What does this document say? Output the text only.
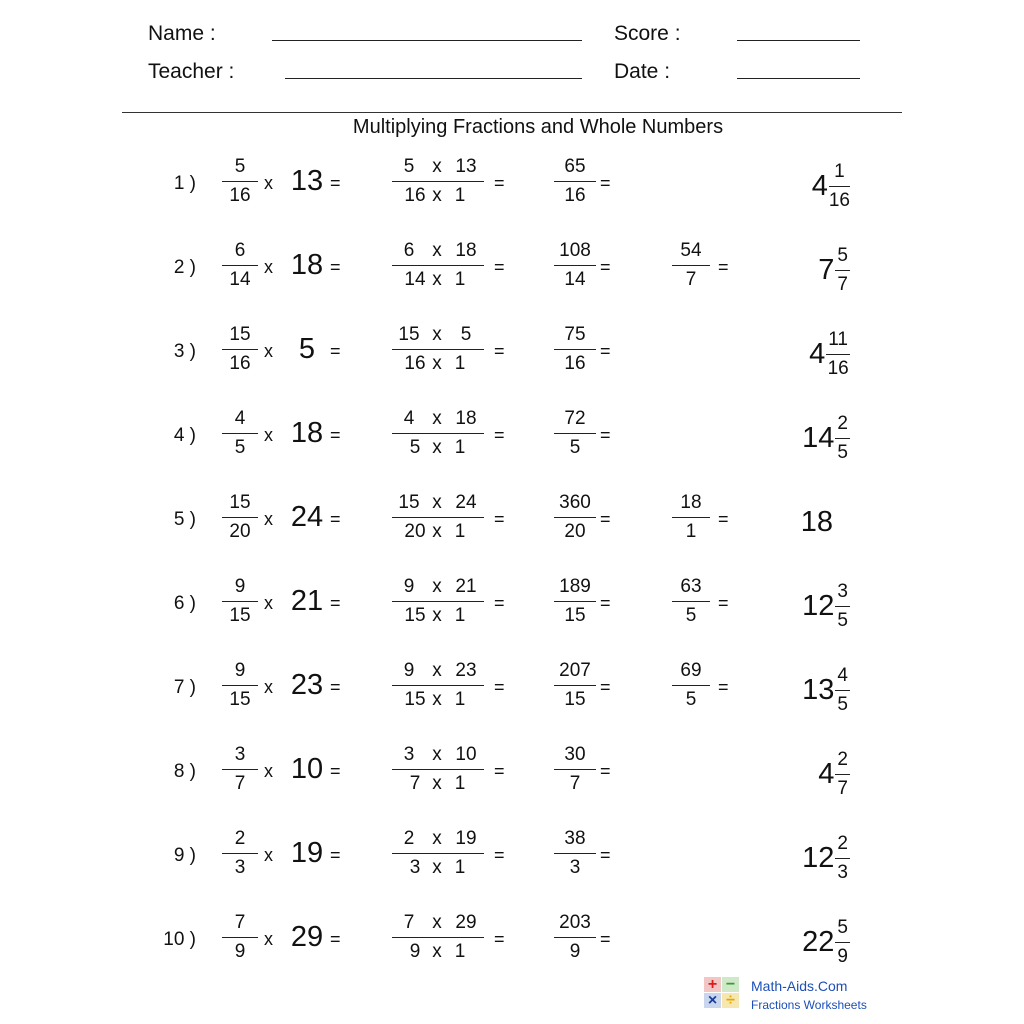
Name :
Teacher :
Score :
Date :
Multiplying Fractions and Whole Numbers
1 ) $\frac{5}{16}$ x 13 =	$\frac{5 x 13}{16 x 1}$ =	$\frac{65}{16}$ =	$4 \frac{1}{16}$
2 ) $\frac{6}{14}$ x 18 =	$\frac{6 x 18}{14 x 1}$ =	$\frac{108}{14}$ =	$\frac{54}{7}$ =	$7 \frac{5}{7}$
3 ) $\frac{15}{16}$ x 5 =	$\frac{15 x 5}{16 x 1}$ =	$\frac{75}{16}$ =	$4 \frac{11}{16}$
4 ) $\frac{4}{5}$ x 18 =	$\frac{4 x 18}{5 x 1}$ =	$\frac{72}{5}$ =	$14 \frac{2}{5}$
5 ) $\frac{15}{20}$ x 24 =	$\frac{15 x 24}{20 x 1}$ =	$\frac{360}{20}$ =	$\frac{18}{1} = 18$
6 ) $\frac{9}{15}$ x 21 =	$\frac{9 x 21}{15 x 1}$ =	$\frac{189}{15}$ =	$\frac{63}{5}$ =	$12 \frac{3}{5}$
7 ) $\frac{9}{15}$ x 23 =	$\frac{9 x 23}{15 x 1}$ =	$\frac{207}{15}$ =	$\frac{69}{5}$ =	$13 \frac{4}{5}$
8 ) $\frac{3}{7}$ x 10 =	$\frac{3 x 10}{7 x 1}$ =	$\frac{30}{7}$ =	$4 \frac{2}{7}$
9 ) $\frac{2}{3}$ x 19 =	$\frac{2 x 19}{3 x 1}$ =	$\frac{38}{3}$ =	$12 \frac{2}{3}$
10 ) $\frac{7}{9}$ x 29 =	$\frac{7 x 29}{9 x 1}$ =	$\frac{203}{9}$ =	$22 \frac{5}{9}$
+ −
× ÷
Math-Aids.Com
Fractions Worksheets
